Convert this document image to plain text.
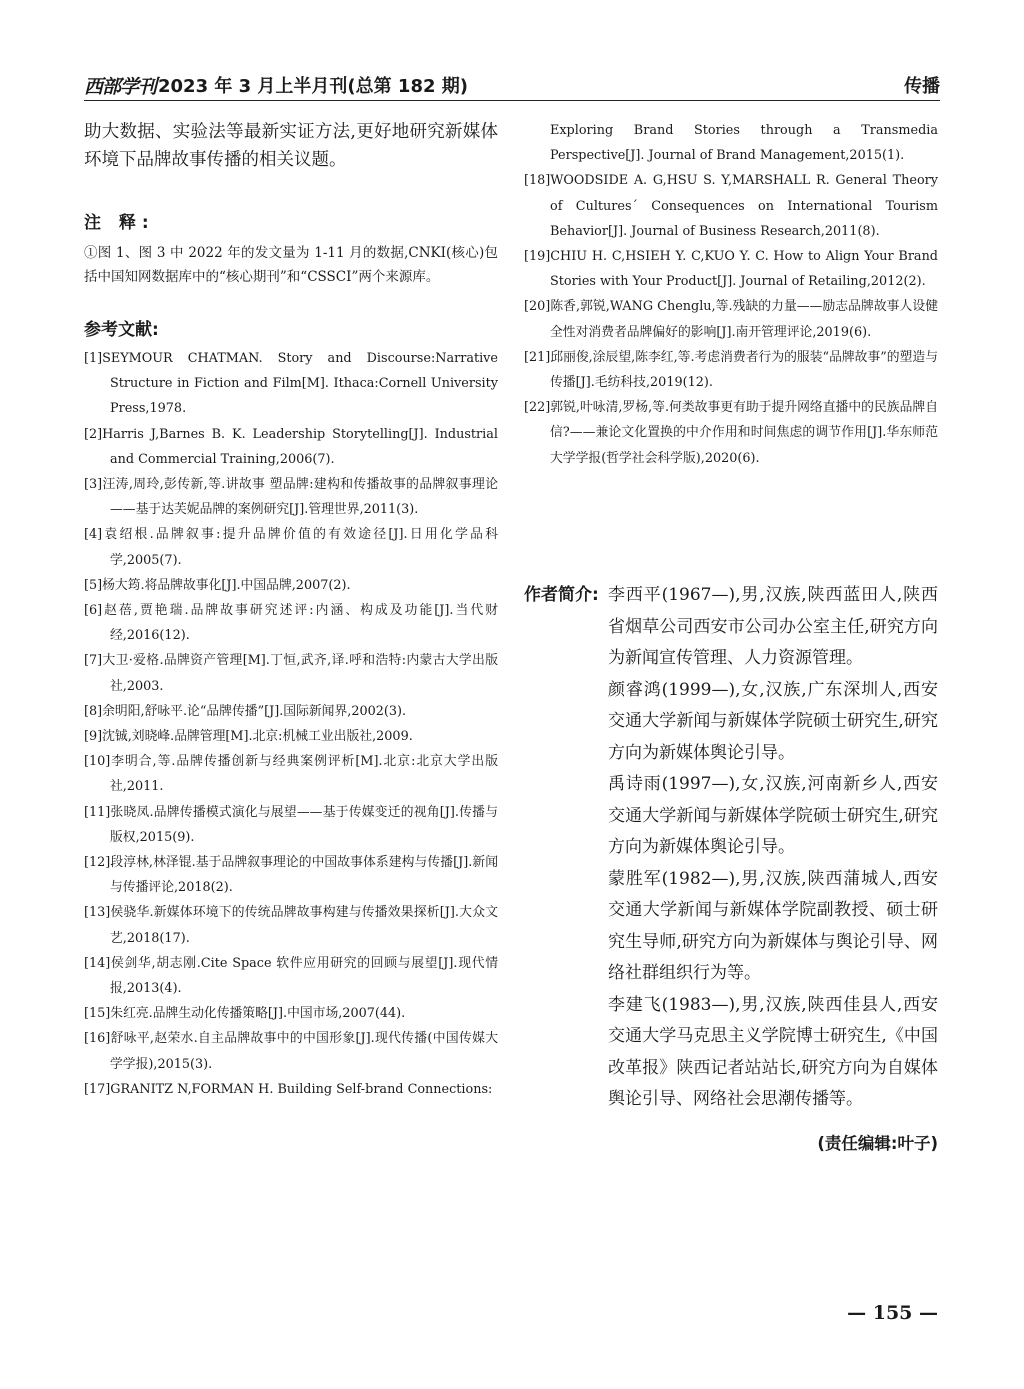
西部学刊 2023 年 3 月上半月刊(总第 182 期)	传播

助大数据、实验法等最新实证方法,更好地研究新媒体环境下品牌故事传播的相关议题。

注 释:

①图 1、图 3 中 2022 年的发文量为 1-11 月的数据,CNKI(核心)包括中国知网数据库中的“核心期刊”和“CSSCI”两个来源库。

参考文献:
[1]SEYMOUR CHATMAN. Story and Discourse:Narrative Structure in Fiction and Film[M]. Ithaca:Cornell University Press,1978.
[2]Harris J,Barnes B. K. Leadership Storytelling[J]. Industrial and Commercial Training,2006(7).
[3]汪涛,周玲,彭传新,等.讲故事 塑品牌:建构和传播故事的品牌叙事理论——基于达芙妮品牌的案例研究[J].管理世界,2011(3).
[4]袁绍根.品牌叙事:提升品牌价值的有效途径[J].日用化学品科学,2005(7).
[5]杨大筠.将品牌故事化[J].中国品牌,2007(2).
[6]赵蓓,贾艳瑞.品牌故事研究述评:内涵、构成及功能[J].当代财经,2016(12).
[7]大卫·爱格.品牌资产管理[M].丁恒,武齐,译.呼和浩特:内蒙古大学出版社,2003.
[8]余明阳,舒咏平.论“品牌传播”[J].国际新闻界,2002(3).
[9]沈铖,刘晓峰.品牌管理[M].北京:机械工业出版社,2009.
[10]李明合,等.品牌传播创新与经典案例评析[M].北京:北京大学出版社,2011.
[11]张晓凤.品牌传播模式演化与展望——基于传媒变迁的视角[J].传播与版权,2015(9).
[12]段淳林,林泽锟.基于品牌叙事理论的中国故事体系建构与传播[J].新闻与传播评论,2018(2).
[13]侯骁华.新媒体环境下的传统品牌故事构建与传播效果探析[J].大众文艺,2018(17).
[14]侯剑华,胡志刚.Cite Space 软件应用研究的回顾与展望[J].现代情报,2013(4).
[15]朱红亮.品牌生动化传播策略[J].中国市场,2007(44).
[16]舒咏平,赵荣水.自主品牌故事中的中国形象[J].现代传播(中国传媒大学学报),2015(3).
[17]GRANITZ N,FORMAN H. Building Self-brand Connections:
Exploring Brand Stories through a Transmedia Perspective[J]. Journal of Brand Management,2015(1).
[18]WOODSIDE A. G,HSU S. Y,MARSHALL R. General Theory of Cultures´ Consequences on International Tourism Behavior[J]. Journal of Business Research,2011(8).
[19]CHIU H. C,HSIEH Y. C,KUO Y. C. How to Align Your Brand Stories with Your Product[J]. Journal of Retailing,2012(2).
[20]陈香,郭锐,WANG Chenglu,等.残缺的力量——励志品牌故事人设健全性对消费者品牌偏好的影响[J].南开管理评论,2019(6).
[21]邱丽俊,涂辰望,陈李红,等.考虑消费者行为的服装“品牌故事”的塑造与传播[J].毛纺科技,2019(12).
[22]郭锐,叶咏清,罗杨,等.何类故事更有助于提升网络直播中的民族品牌自信?——兼论文化置换的中介作用和时间焦虑的调节作用[J].华东师范大学学报(哲学社会科学版),2020(6).
作者简介: 李西平(1967—),男,汉族,陕西蓝田人,陕西省烟草公司西安市公司办公室主任,研究方向为新闻宣传管理、人力资源管理。
颜睿鸿(1999—),女,汉族,广东深圳人,西安交通大学新闻与新媒体学院硕士研究生,研究方向为新媒体舆论引导。
禹诗雨(1997—),女,汉族,河南新乡人,西安交通大学新闻与新媒体学院硕士研究生,研究方向为新媒体舆论引导。
蒙胜军(1982—),男,汉族,陕西蒲城人,西安交通大学新闻与新媒体学院副教授、硕士研究生导师,研究方向为新媒体与舆论引导、网络社群组织行为等。
李建飞(1983—),男,汉族,陕西佳县人,西安交通大学马克思主义学院博士研究生,《中国改革报》陕西记者站站长,研究方向为自媒体舆论引导、网络社会思潮传播等。
(责任编辑:叶子)
— 155 —
